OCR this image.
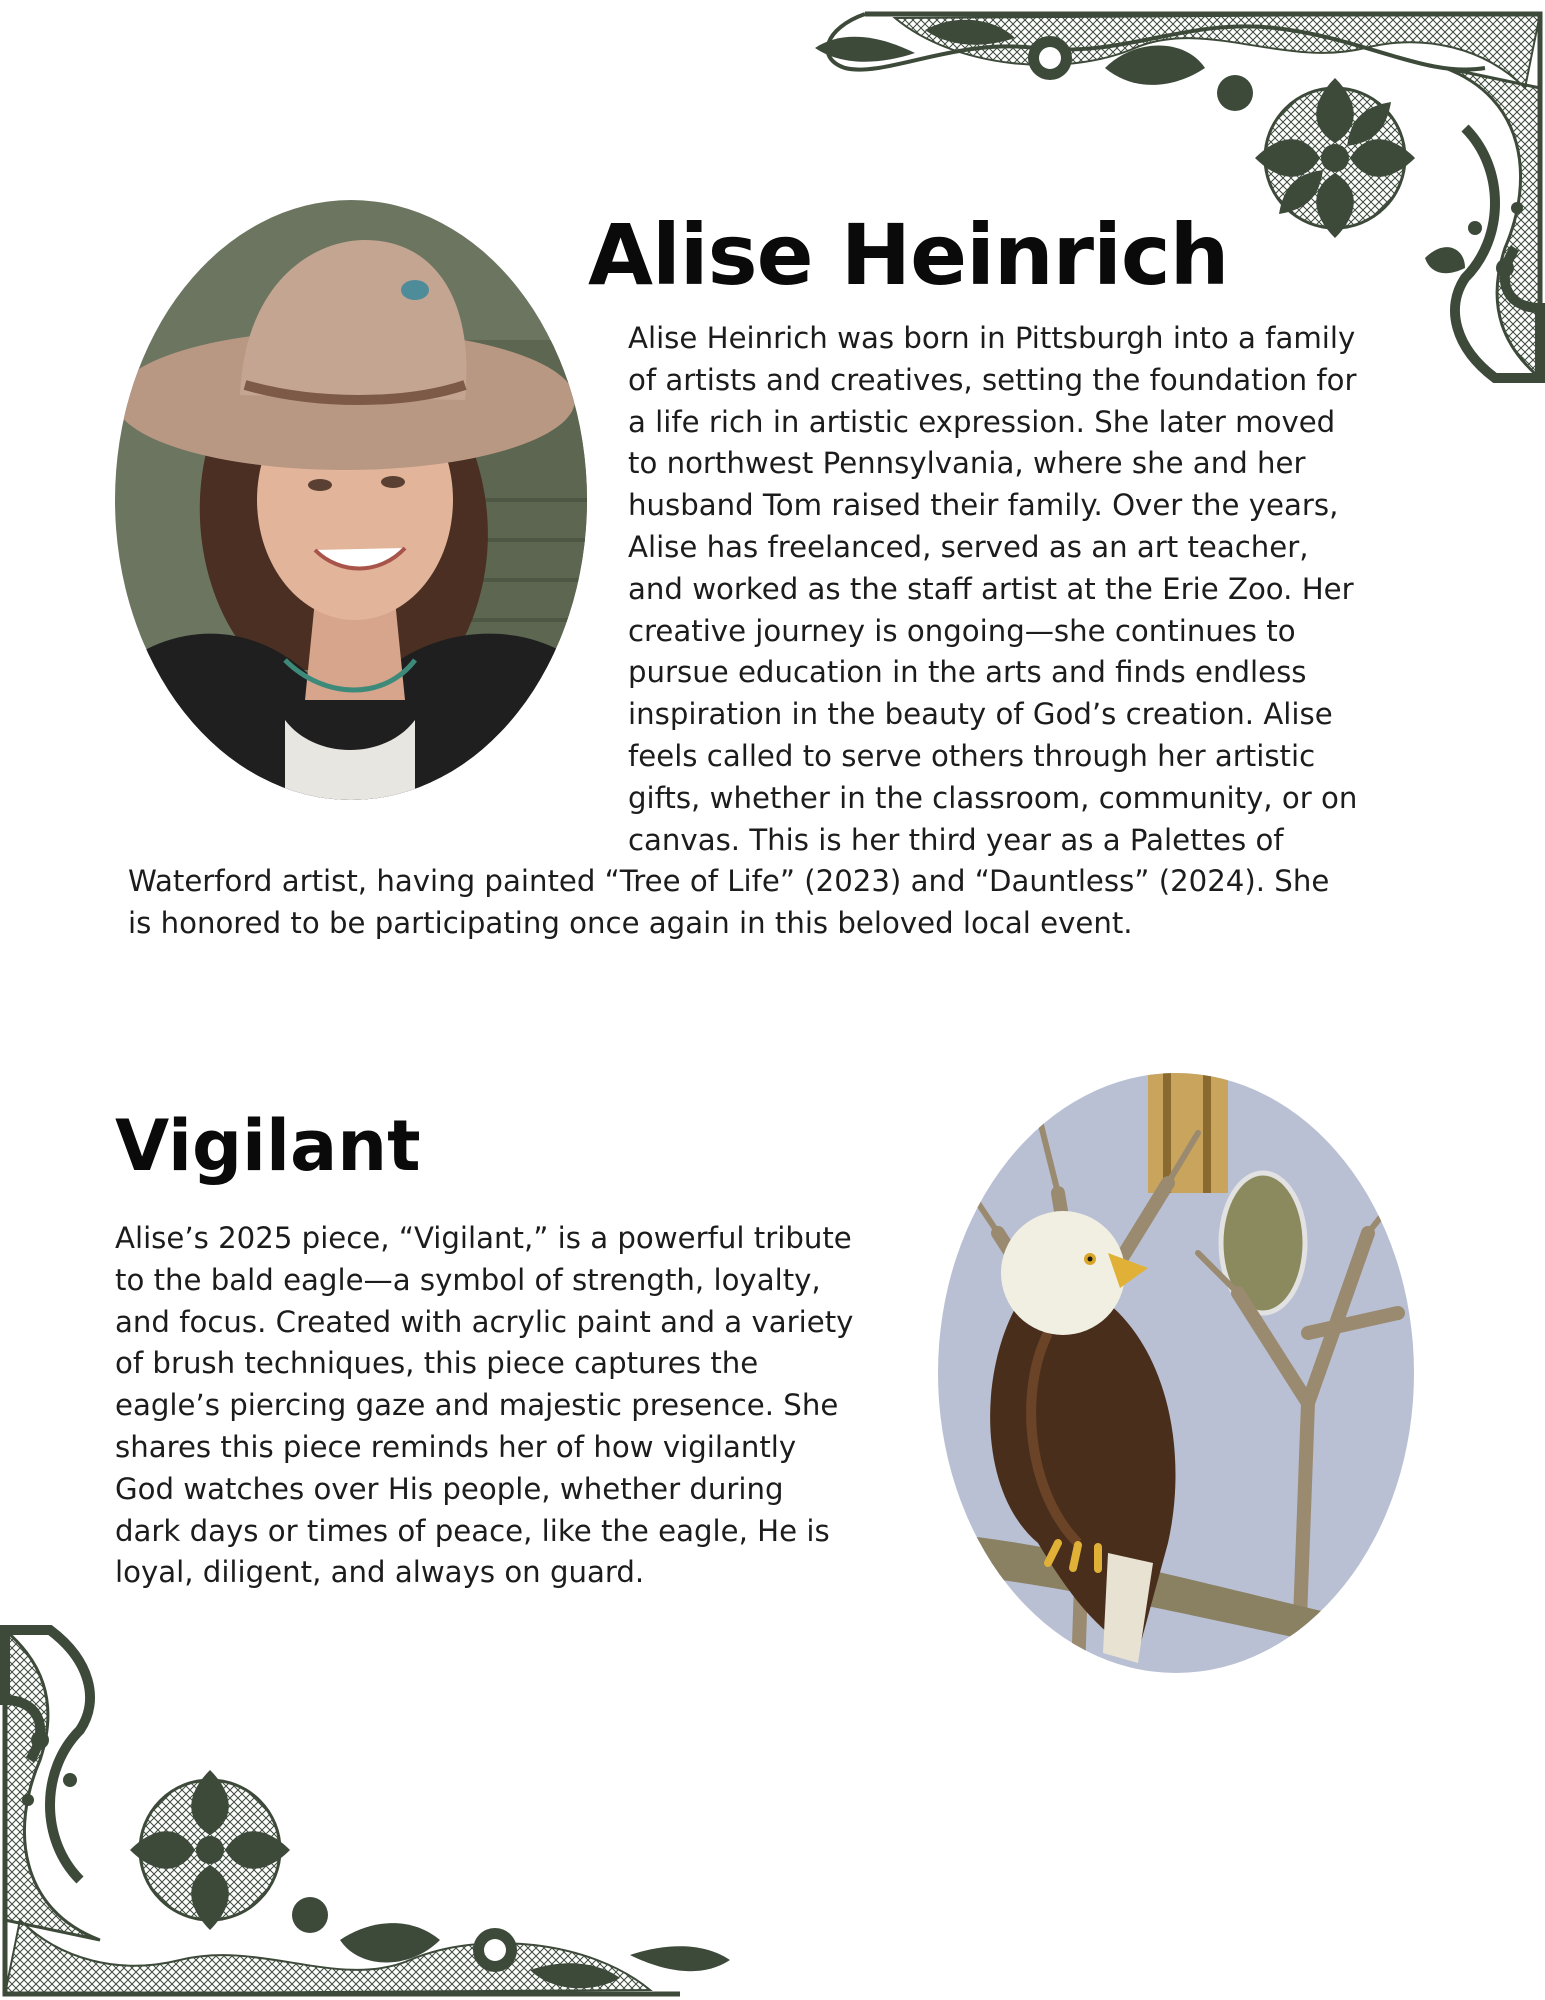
Alise Heinrich

Alise Heinrich was born in Pittsburgh into a family of artists and creatives, setting the foundation for a life rich in artistic expression. She later moved to northwest Pennsylvania, where she and her husband Tom raised their family. Over the years, Alise has freelanced, served as an art teacher, and worked as the staff artist at the Erie Zoo. Her creative journey is ongoing—she continues to pursue education in the arts and finds endless inspiration in the beauty of God’s creation. Alise feels called to serve others through her artistic gifts, whether in the classroom, community, or on canvas. This is her third year as a Palettes of Waterford artist, having painted “Tree of Life” (2023) and “Dauntless” (2024). She is honored to be participating once again in this beloved local event.

Vigilant

Alise’s 2025 piece, “Vigilant,” is a powerful tribute to the bald eagle—a symbol of strength, loyalty, and focus. Created with acrylic paint and a variety of brush techniques, this piece captures the eagle’s piercing gaze and majestic presence. She shares this piece reminds her of how vigilantly God watches over His people, whether during dark days or times of peace, like the eagle, He is loyal, diligent, and always on guard.
